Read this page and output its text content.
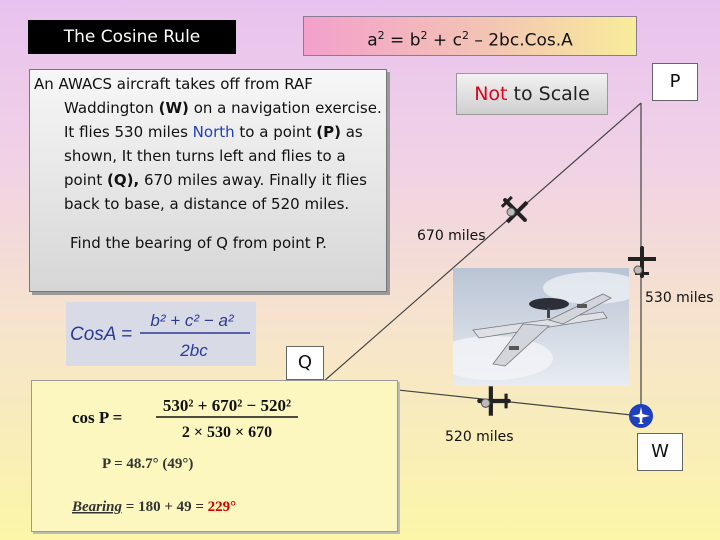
The Cosine Rule	$a^2 = b^2 + c^2 - 2bc.Cos.A$

An AWACS aircraft takes off from RAF Waddington (W) on a navigation exercise. It flies 530 miles North to a point (P) as shown, It then turns left and flies to a point (Q), 670 miles away. Finally it flies back to base, a distance of 520 miles.

Find the bearing of Q from point P.
Not to Scale
P
Q
W
670 miles
530 miles
520 miles
CosA =
b² + c² − a²
2bc
cos P =
530² + 670² − 520²
2 × 530 × 670
P = 48.7° (49°)
Bearing = 180 + 49 = 229°
